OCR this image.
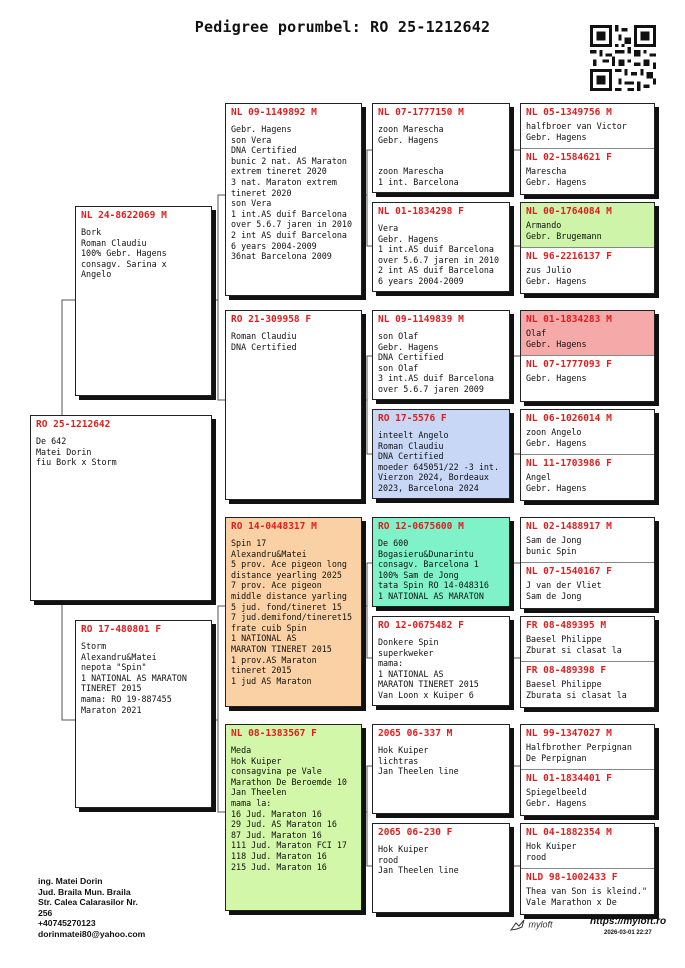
Pedigree porumbel: RO 25-1212642
RO 25-1212642
De 642
Matei Dorin
fiu Bork x Storm
NL 24-8622069 M
Bork
Roman Claudiu
100% Gebr. Hagens
consagv. Sarina x
Angelo
RO 17-480801 F
Storm
Alexandru&Matei
nepota "Spin"
1 NATIONAL AS MARATON
TINERET 2015
mama: RO 19-887455
Maraton 2021
NL 09-1149892 M
Gebr. Hagens
son Vera
DNA Certified
bunic 2 nat. AS Maraton
extrem tineret 2020
3 nat. Maraton extrem
tineret 2020
son Vera
1 int.AS duif Barcelona
over 5.6.7 jaren in 2010
2 int AS duif Barcelona
6 years 2004-2009
36nat Barcelona 2009
RO 21-309958 F
Roman Claudiu
DNA Certified
RO 14-0448317 M
Spin 17
Alexandru&Matei
5 prov. Ace pigeon long
distance yearling 2025
7 prov. Ace pigeon
middle distance yarling
5 jud. fond/tineret 15
7 jud.demifond/tineret15
frate cuib Spin
1 NATIONAL AS
MARATON TINERET 2015
1 prov.AS Maraton
tineret 2015
1 jud AS Maraton
NL 08-1383567 F
Meda
Hok Kuiper
consagvina pe Vale
Marathon De Beroemde 10
Jan Theelen
mama la:
16 Jud. Maraton 16
29 Jud. AS Maraton 16
87 Jud. Maraton 16
111 Jud. Maraton FCI 17
118 Jud. Maraton 16
215 Jud. Maraton 16
NL 07-1777150 M
zoon Marescha
Gebr. Hagens

zoon Marescha
1 int. Barcelona
NL 01-1834298 F
Vera
Gebr. Hagens
1 int.AS duif Barcelona
over 5.6.7 jaren in 2010
2 int AS duif Barcelona
6 years 2004-2009
NL 09-1149839 M
son Olaf
Gebr. Hagens
DNA Certified
son Olaf
3 int.AS duif Barcelona
over 5.6.7 jaren 2009
RO 17-5576 F
inteelt Angelo
Roman Claudiu
DNA Certified
moeder 645051/22 -3 int.
Vierzon 2024, Bordeaux
2023, Barcelona 2024
RO 12-0675600 M
De 600
Bogasieru&Dunarintu
consagv. Barcelona 1
100% Sam de Jong
tata Spin RO 14-048316
1 NATIONAL AS MARATON
RO 12-0675482 F
Donkere Spin
superkweker
mama:
1 NATIONAL AS
MARATON TINERET 2015
Van Loon x Kuiper 6
2065 06-337 M
Hok Kuiper
lichtras
Jan Theelen line
2065 06-230 F
Hok Kuiper
rood
Jan Theelen line
NL 05-1349756 M
halfbroer van Victor
Gebr. Hagens
NL 02-1584621 F
Marescha
Gebr. Hagens
NL 00-1764084 M
Armando
Gebr. Brugemann
NL 96-2216137 F
zus Julio
Gebr. Hagens
NL 01-1834283 M
Olaf
Gebr. Hagens
NL 07-1777093 F
Gebr. Hagens
NL 06-1026014 M
zoon Angelo
Gebr. Hagens
NL 11-1703986 F
Angel
Gebr. Hagens
NL 02-1488917 M
Sam de Jong
bunic Spin
NL 07-1540167 F
J van der Vliet
Sam de Jong
FR 08-489395 M
Baesel Philippe
Zburat si clasat la
FR 08-489398 F
Baesel Philippe
Zburata si clasat la
NL 99-1347027 M
Halfbrother Perpignan
De Perpignan
NL 01-1834401 F
Spiegelbeeld
Gebr. Hagens
NL 04-1882354 M
Hok Kuiper
rood
NLD 98-1002433 F
Thea van Son is kleind."
Vale Marathon x De
ing. Matei Dorin
Jud. Braila Mun. Braila
Str. Calea Calarasilor Nr.
256
+40745270123
dorinmatei80@yahoo.com
myloft	https://myloft.ro
2026-03-01 22:27
